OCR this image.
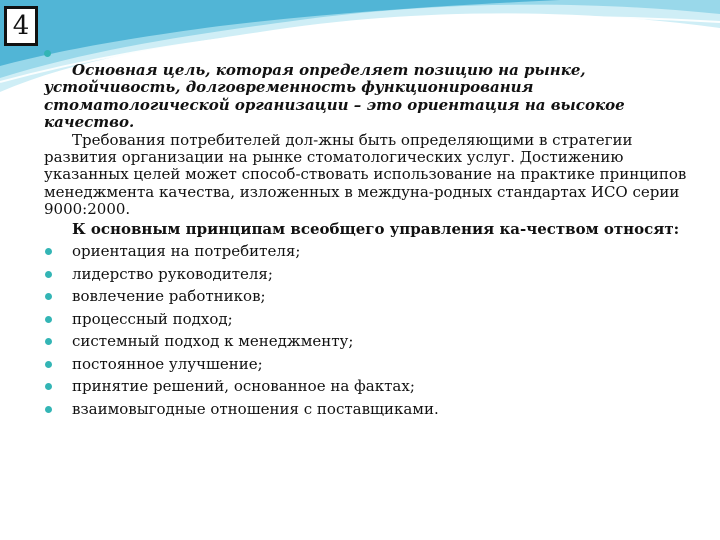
4

Основная цель, которая определяет позицию на рынке, устойчивость, долговременность функционирования стоматологической организации – это ориентация на высокое качество.

Требования потребителей дол-жны быть определяющими в стратегии развития организации на рынке стоматологических услуг. Достижению указанных целей может способ-ствовать использование на практике принципов менеджмента качества, изложенных в междуна-родных стандартах ИСО серии 9000:2000.

К основным принципам всеобщего управления ка-чеством относят:

ориентация на потребителя;
лидерство руководителя;
вовлечение работников;
процессный подход;
системный подход к менеджменту;
постоянное улучшение;
принятие решений, основанное на фактах;
взаимовыгодные отношения с поставщиками.
